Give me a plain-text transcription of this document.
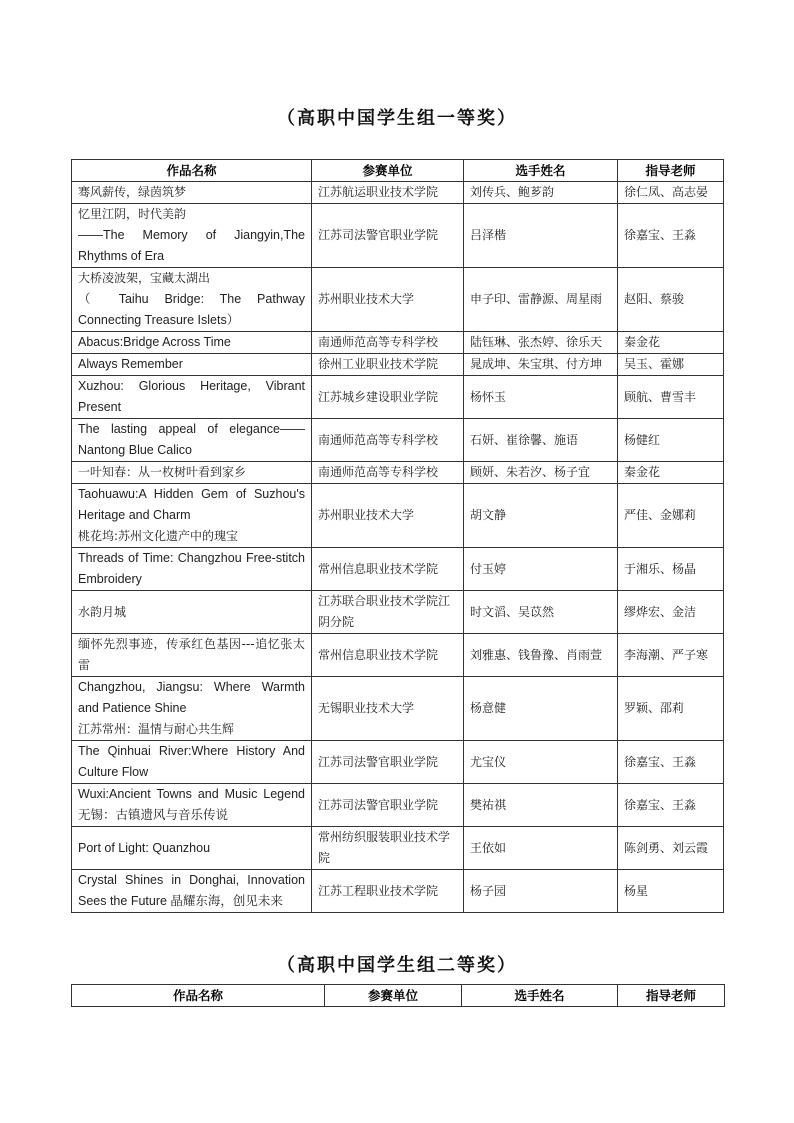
（高职中国学生组一等奖）
作品名称	参赛单位	选手姓名	指导老师

骞风薪传，绿茵筑梦	江苏航运职业技术学院	刘传兵、鲍芗韵	徐仁凤、高志晏

忆里江阴，时代美韵
——The Memory of Jiangyin,The Rhythms of Era	江苏司法警官职业学院	吕泽楷	徐嘉宝、王淼

大桥凌波架，宝藏太湖出
（ Taihu Bridge: The Pathway Connecting Treasure Islets）	苏州职业技术大学	申子印、雷静源、周星雨	赵阳、蔡骏

Abacus:Bridge Across Time	南通师范高等专科学校	陆钰琳、张杰婷、徐乐天	秦金花

Always Remember	徐州工业职业技术学院	晁成坤、朱宝琪、付方坤	吴玉、霍娜

Xuzhou: Glorious Heritage, Vibrant Present	江苏城乡建设职业学院	杨怀玉	顾航、曹雪丰

The lasting appeal of elegance——Nantong Blue Calico	南通师范高等专科学校	石妍、崔徐馨、施语	杨健红

一叶知春：从一枚树叶看到家乡	南通师范高等专科学校	顾妍、朱若汐、杨子宜	秦金花

Taohuawu:A Hidden Gem of Suzhou's Heritage and Charm
桃花坞:苏州文化遗产中的瑰宝	苏州职业技术大学	胡文静	严佳、金娜莉

Threads of Time: Changzhou Free-stitch Embroidery	常州信息职业技术学院	付玉婷	于湘乐、杨晶

水韵月城	江苏联合职业技术学院江阴分院	时文滔、吴苡然	缪烨宏、金洁

缅怀先烈事迹，传承红色基因---追忆张太雷	常州信息职业技术学院	刘雅惠、钱鲁豫、肖雨萱	李海潮、严子寒

Changzhou, Jiangsu: Where Warmth and Patience Shine
江苏常州：温情与耐心共生辉	无锡职业技术大学	杨意健	罗颖、邵莉

The Qinhuai River:Where History And Culture Flow	江苏司法警官职业学院	尤宝仪	徐嘉宝、王淼

Wuxi:Ancient Towns and Music Legend 无锡：古镇遗风与音乐传说	江苏司法警官职业学院	樊祐祺	徐嘉宝、王淼

Port of Light: Quanzhou	常州纺织服装职业技术学院	王依如	陈剑勇、刘云霞

Crystal Shines in Donghai, Innovation Sees the Future 晶耀东海，创见未来	江苏工程职业技术学院	杨子园	杨星
（高职中国学生组二等奖）
作品名称	参赛单位	选手姓名	指导老师
